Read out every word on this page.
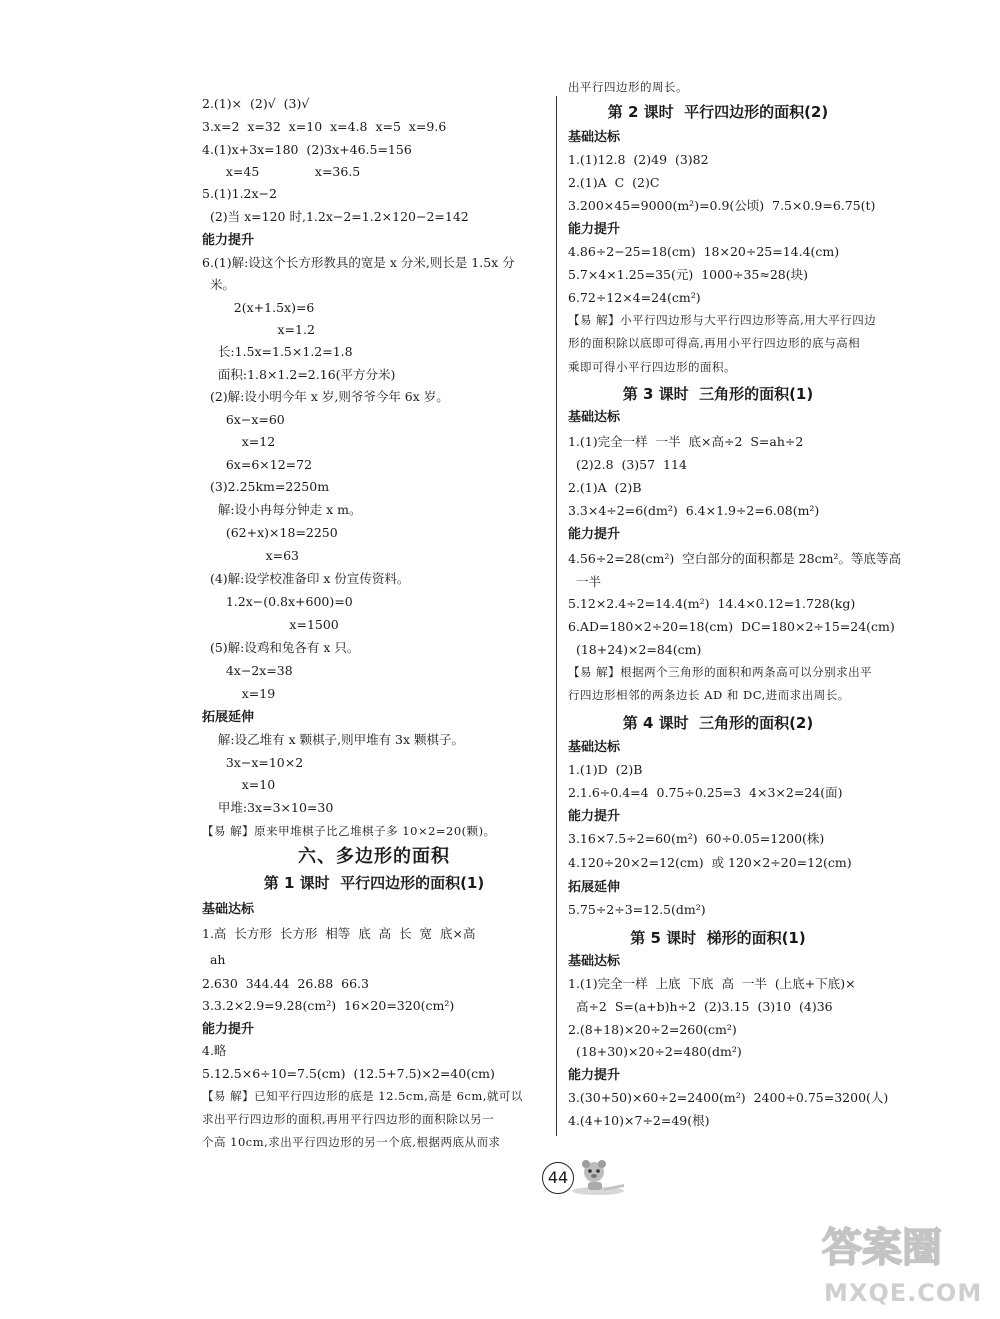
2.(1)×  (2)√  (3)√
3.x=2  x=32  x=10  x=4.8  x=5  x=9.6
4.(1)x+3x=180  (2)3x+46.5=156
x=45              x=36.5
5.(1)1.2x−2
(2)当 x=120 时,1.2x−2=1.2×120−2=142
能力提升
6.(1)解:设这个长方形教具的宽是 x 分米,则长是 1.5x 分
米。
2(x+1.5x)=6
x=1.2
长:1.5x=1.5×1.2=1.8
面积:1.8×1.2=2.16(平方分米)
(2)解:设小明今年 x 岁,则爷爷今年 6x 岁。
6x−x=60
x=12
6x=6×12=72
(3)2.25km=2250m
解:设小冉每分钟走 x m。
(62+x)×18=2250
x=63
(4)解:设学校准备印 x 份宣传资料。
1.2x−(0.8x+600)=0
x=1500
(5)解:设鸡和兔各有 x 只。
4x−2x=38
x=19
拓展延伸
解:设乙堆有 x 颗棋子,则甲堆有 3x 颗棋子。
3x−x=10×2
x=10
甲堆:3x=3×10=30
【易 解】原来甲堆棋子比乙堆棋子多 10×2=20(颗)。
六、多边形的面积
第 1 课时  平行四边形的面积(1)
基础达标
1.高  长方形  长方形  相等  底  高  长  宽  底×高
ah
2.630  344.44  26.88  66.3
3.3.2×2.9=9.28(cm²)  16×20=320(cm²)
能力提升
4.略
5.12.5×6÷10=7.5(cm)  (12.5+7.5)×2=40(cm)
【易 解】已知平行四边形的底是 12.5cm,高是 6cm,就可以
求出平行四边形的面积,再用平行四边形的面积除以另一
个高 10cm,求出平行四边形的另一个底,根据两底从而求
出平行四边形的周长。
第 2 课时  平行四边形的面积(2)
基础达标
1.(1)12.8  (2)49  (3)82
2.(1)A  C  (2)C
3.200×45=9000(m²)=0.9(公顷)  7.5×0.9=6.75(t)
能力提升
4.86÷2−25=18(cm)  18×20÷25=14.4(cm)
5.7×4×1.25=35(元)  1000÷35≈28(块)
6.72÷12×4=24(cm²)
【易 解】小平行四边形与大平行四边形等高,用大平行四边
形的面积除以底即可得高,再用小平行四边形的底与高相
乘即可得小平行四边形的面积。
第 3 课时  三角形的面积(1)
基础达标
1.(1)完全一样  一半  底×高÷2  S=ah÷2
(2)2.8  (3)57  114
2.(1)A  (2)B
3.3×4÷2=6(dm²)  6.4×1.9÷2=6.08(m²)
能力提升
4.56÷2=28(cm²)  空白部分的面积都是 28cm²。等底等高
一半
5.12×2.4÷2=14.4(m²)  14.4×0.12=1.728(kg)
6.AD=180×2÷20=18(cm)  DC=180×2÷15=24(cm)
(18+24)×2=84(cm)
【易 解】根据两个三角形的面积和两条高可以分别求出平
行四边形相邻的两条边长 AD 和 DC,进而求出周长。
第 4 课时  三角形的面积(2)
基础达标
1.(1)D  (2)B
2.1.6÷0.4=4  0.75÷0.25=3  4×3×2=24(面)
能力提升
3.16×7.5÷2=60(m²)  60÷0.05=1200(株)
4.120÷20×2=12(cm)  或 120×2÷20=12(cm)
拓展延伸
5.75÷2÷3=12.5(dm²)
第 5 课时  梯形的面积(1)
基础达标
1.(1)完全一样  上底  下底  高  一半  (上底+下底)×
高÷2  S=(a+b)h÷2  (2)3.15  (3)10  (4)36
2.(8+18)×20÷2=260(cm²)
(18+30)×20÷2=480(dm²)
能力提升
3.(30+50)×60÷2=2400(m²)  2400÷0.75=3200(人)
4.(4+10)×7÷2=49(根)
44
答案圈
MXQE.COM
